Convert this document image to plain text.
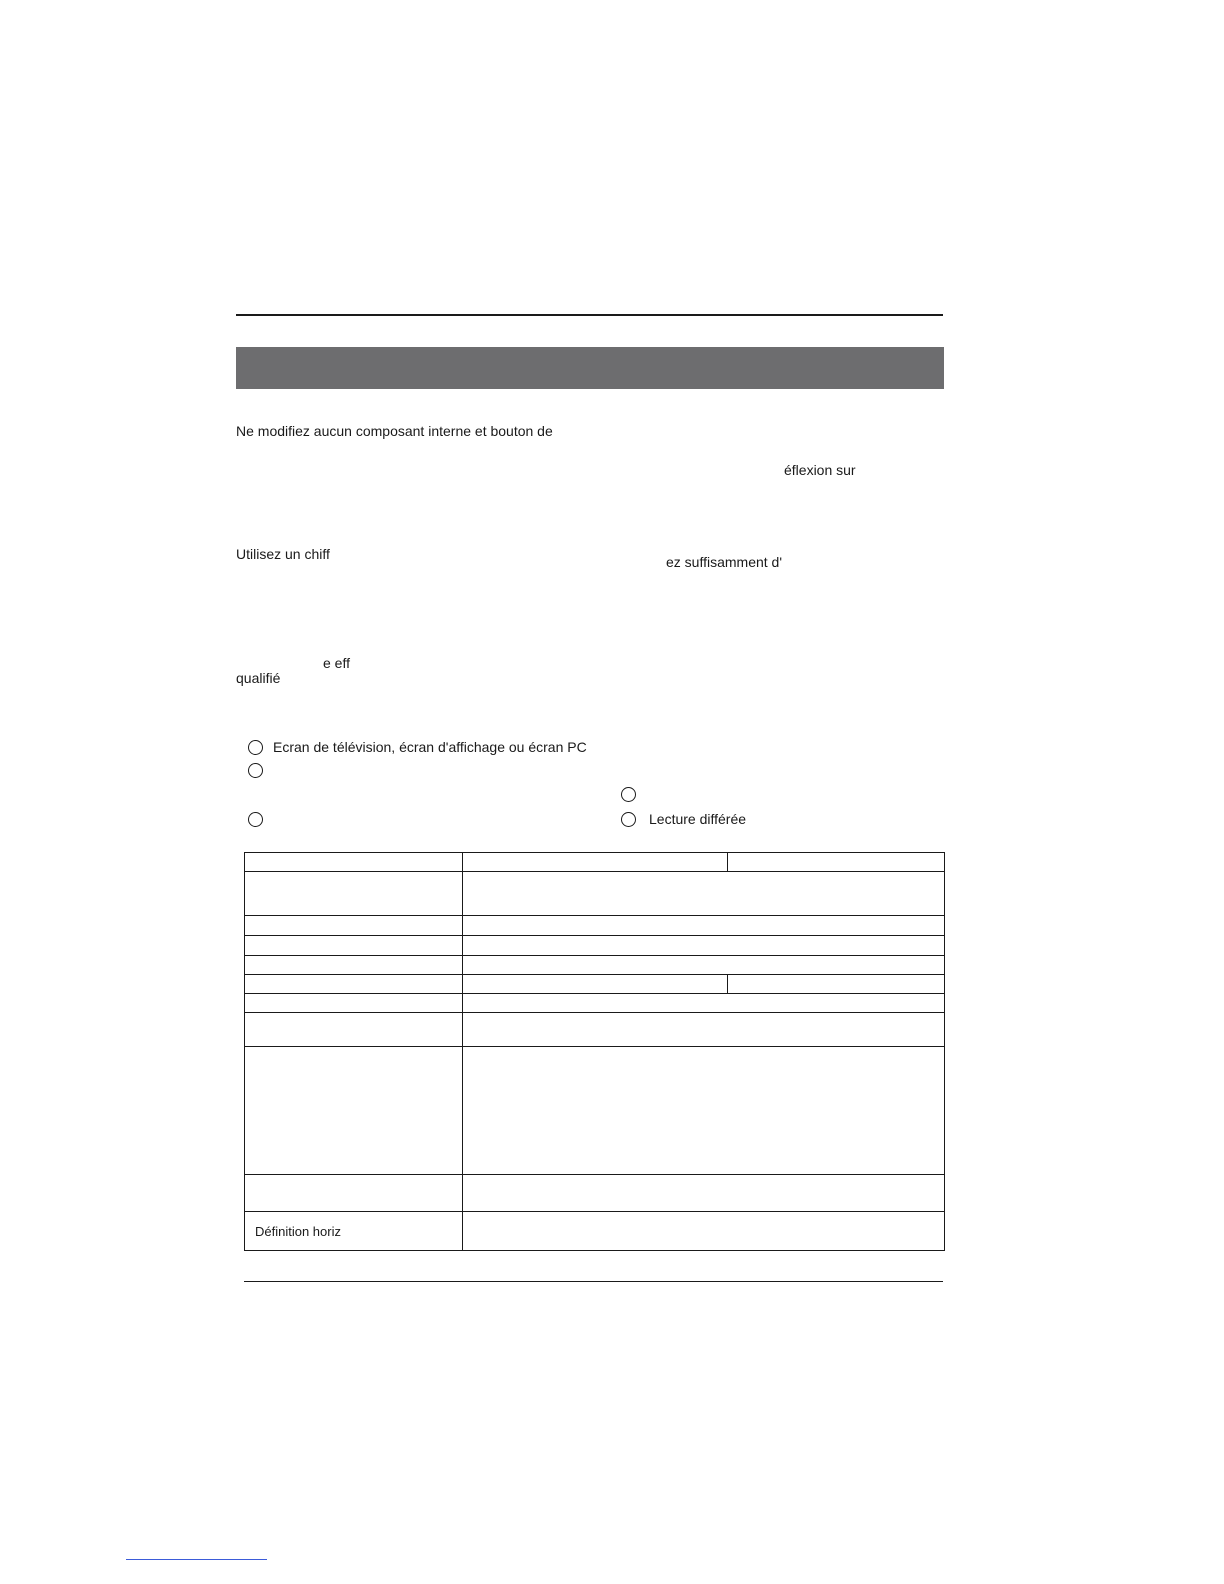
Ne modifiez aucun composant interne et bouton de
éflexion sur
Utilisez un chiff	ez suffisamment d'
e eff
qualifié
Ecran de télévision, écran d'affichage ou écran PC
Lecture différée
Définition horiz
